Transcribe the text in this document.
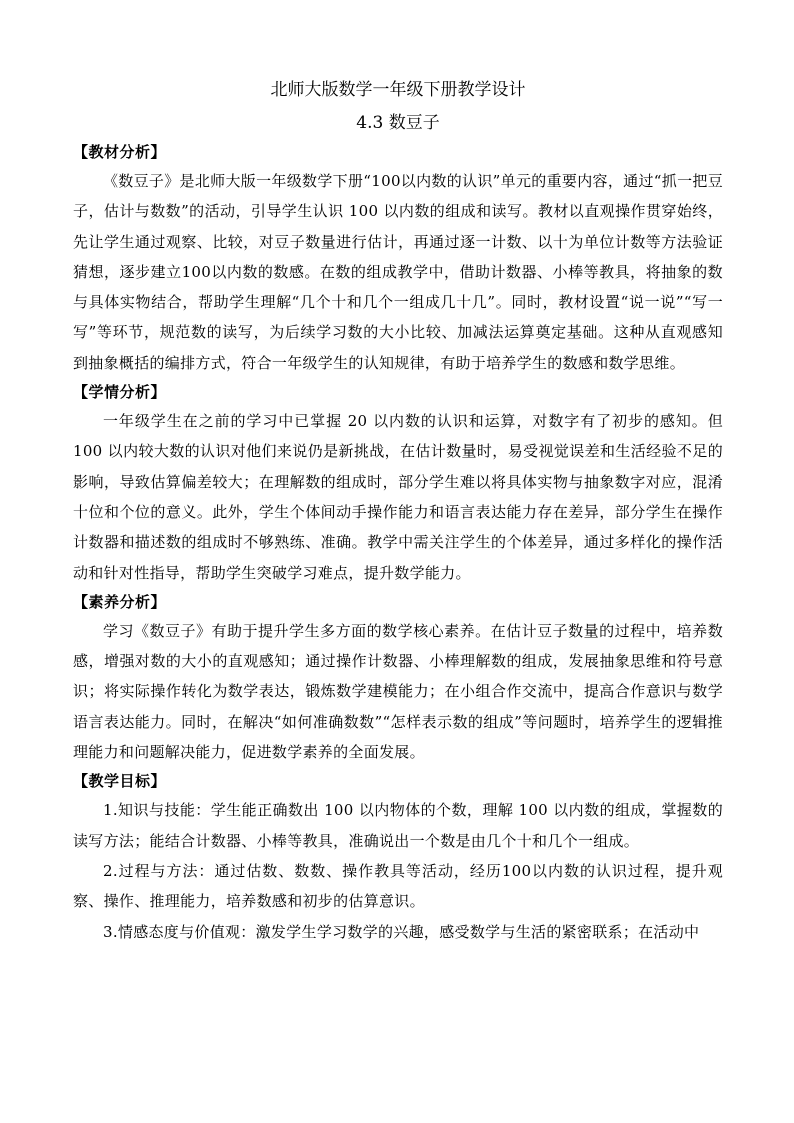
北师大版数学一年级下册教学设计
4.3 数豆子
【教材分析】

《数豆子》是北师大版一年级数学下册“100以内数的认识”单元的重要内容，通过“抓一把豆子，估计与数数”的活动，引导学生认识 100 以内数的组成和读写。教材以直观操作贯穿始终，先让学生通过观察、比较，对豆子数量进行估计，再通过逐一计数、以十为单位计数等方法验证猜想，逐步建立100以内数的数感。在数的组成教学中，借助计数器、小棒等教具，将抽象的数与具体实物结合，帮助学生理解“几个十和几个一组成几十几”。同时，教材设置“说一说”“写一写”等环节，规范数的读写，为后续学习数的大小比较、加减法运算奠定基础。这种从直观感知到抽象概括的编排方式，符合一年级学生的认知规律，有助于培养学生的数感和数学思维。

【学情分析】

一年级学生在之前的学习中已掌握 20 以内数的认识和运算，对数字有了初步的感知。但 100 以内较大数的认识对他们来说仍是新挑战，在估计数量时，易受视觉误差和生活经验不足的影响，导致估算偏差较大；在理解数的组成时，部分学生难以将具体实物与抽象数字对应，混淆十位和个位的意义。此外，学生个体间动手操作能力和语言表达能力存在差异，部分学生在操作计数器和描述数的组成时不够熟练、准确。教学中需关注学生的个体差异，通过多样化的操作活动和针对性指导，帮助学生突破学习难点，提升数学能力。

【素养分析】

学习《数豆子》有助于提升学生多方面的数学核心素养。在估计豆子数量的过程中，培养数感，增强对数的大小的直观感知；通过操作计数器、小棒理解数的组成，发展抽象思维和符号意识；将实际操作转化为数学表达，锻炼数学建模能力；在小组合作交流中，提高合作意识与数学语言表达能力。同时，在解决“如何准确数数”“怎样表示数的组成”等问题时，培养学生的逻辑推理能力和问题解决能力，促进数学素养的全面发展。

【教学目标】

1.知识与技能：学生能正确数出 100 以内物体的个数，理解 100 以内数的组成，掌握数的读写方法；能结合计数器、小棒等教具，准确说出一个数是由几个十和几个一组成。

2.过程与方法：通过估数、数数、操作教具等活动，经历100以内数的认识过程，提升观察、操作、推理能力，培养数感和初步的估算意识。

3.情感态度与价值观：激发学生学习数学的兴趣，感受数学与生活的紧密联系；在活动中
